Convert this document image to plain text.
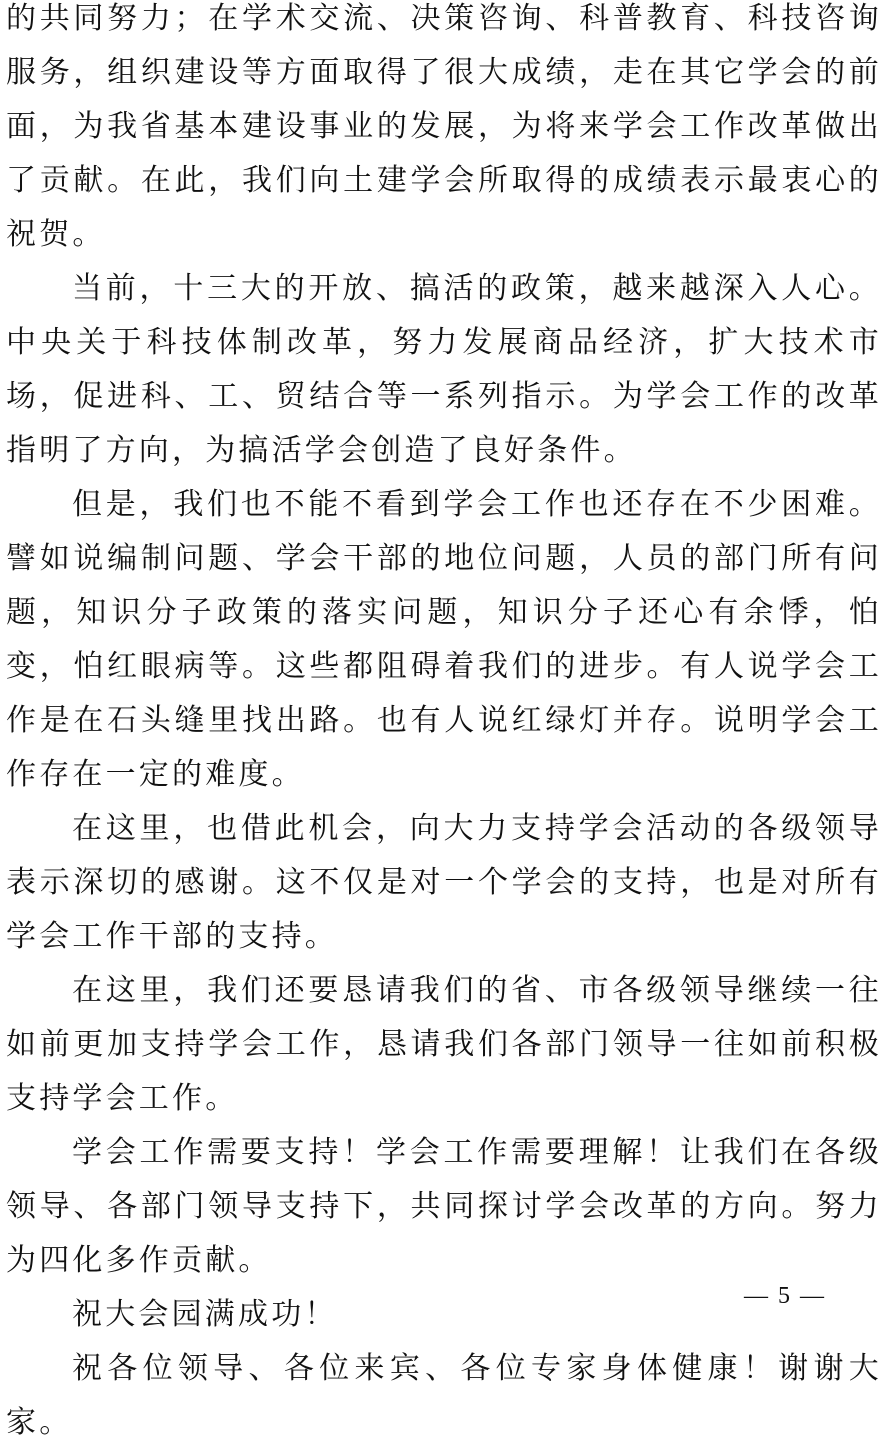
的共同努力；在学术交流、决策咨询、科普教育、科技咨询服务，组织建设等方面取得了很大成绩，走在其它学会的前面，为我省基本建设事业的发展，为将来学会工作改革做出了贡献。在此，我们向土建学会所取得的成绩表示最衷心的祝贺。

当前，十三大的开放、搞活的政策，越来越深入人心。中央关于科技体制改革，努力发展商品经济，扩大技术市场，促进科、工、贸结合等一系列指示。为学会工作的改革指明了方向，为搞活学会创造了良好条件。

但是，我们也不能不看到学会工作也还存在不少困难。譬如说编制问题、学会干部的地位问题，人员的部门所有问题，知识分子政策的落实问题，知识分子还心有余悸，怕变，怕红眼病等。这些都阻碍着我们的进步。有人说学会工作是在石头缝里找出路。也有人说红绿灯并存。说明学会工作存在一定的难度。

在这里，也借此机会，向大力支持学会活动的各级领导表示深切的感谢。这不仅是对一个学会的支持，也是对所有学会工作干部的支持。

在这里，我们还要恳请我们的省、市各级领导继续一往如前更加支持学会工作，恳请我们各部门领导一往如前积极支持学会工作。

学会工作需要支持！学会工作需要理解！让我们在各级领导、各部门领导支持下，共同探讨学会改革的方向。努力为四化多作贡献。

祝大会园满成功！

祝各位领导、各位来宾、各位专家身体健康！谢谢大家。

— 5 —
